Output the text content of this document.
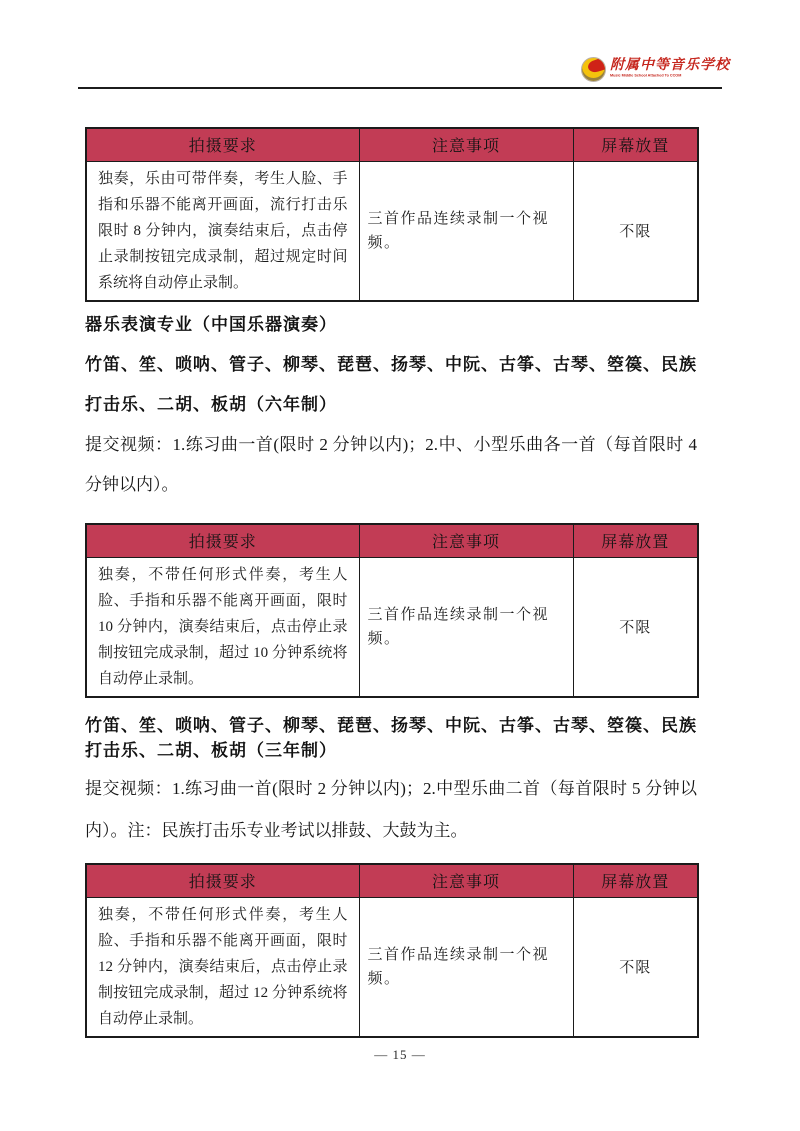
附属中等音乐学校
Music Middle School Attached To CCOM
拍摄要求	注意事项	屏幕放置
独奏，乐由可带伴奏，考生人脸、手指和乐器不能离开画面，流行打击乐限时 8 分钟内，演奏结束后，点击停止录制按钮完成录制，超过规定时间系统将自动停止录制。	三首作品连续录制一个视频。	不限
器乐表演专业（中国乐器演奏）
竹笛、笙、唢呐、管子、柳琴、琵琶、扬琴、中阮、古筝、古琴、箜篌、民族打击乐、二胡、板胡（六年制）
提交视频：1.练习曲一首(限时 2 分钟以内)；2.中、小型乐曲各一首（每首限时 4 分钟以内）。
拍摄要求	注意事项	屏幕放置
独奏，不带任何形式伴奏，考生人脸、手指和乐器不能离开画面，限时 10 分钟内，演奏结束后，点击停止录制按钮完成录制，超过 10 分钟系统将自动停止录制。	三首作品连续录制一个视频。	不限
竹笛、笙、唢呐、管子、柳琴、琵琶、扬琴、中阮、古筝、古琴、箜篌、民族打击乐、二胡、板胡（三年制）
提交视频：1.练习曲一首(限时 2 分钟以内)；2.中型乐曲二首（每首限时 5 分钟以内）。注：民族打击乐专业考试以排鼓、大鼓为主。
拍摄要求	注意事项	屏幕放置
独奏，不带任何形式伴奏，考生人脸、手指和乐器不能离开画面，限时 12 分钟内，演奏结束后，点击停止录制按钮完成录制，超过 12 分钟系统将自动停止录制。	三首作品连续录制一个视频。	不限
— 15 —
